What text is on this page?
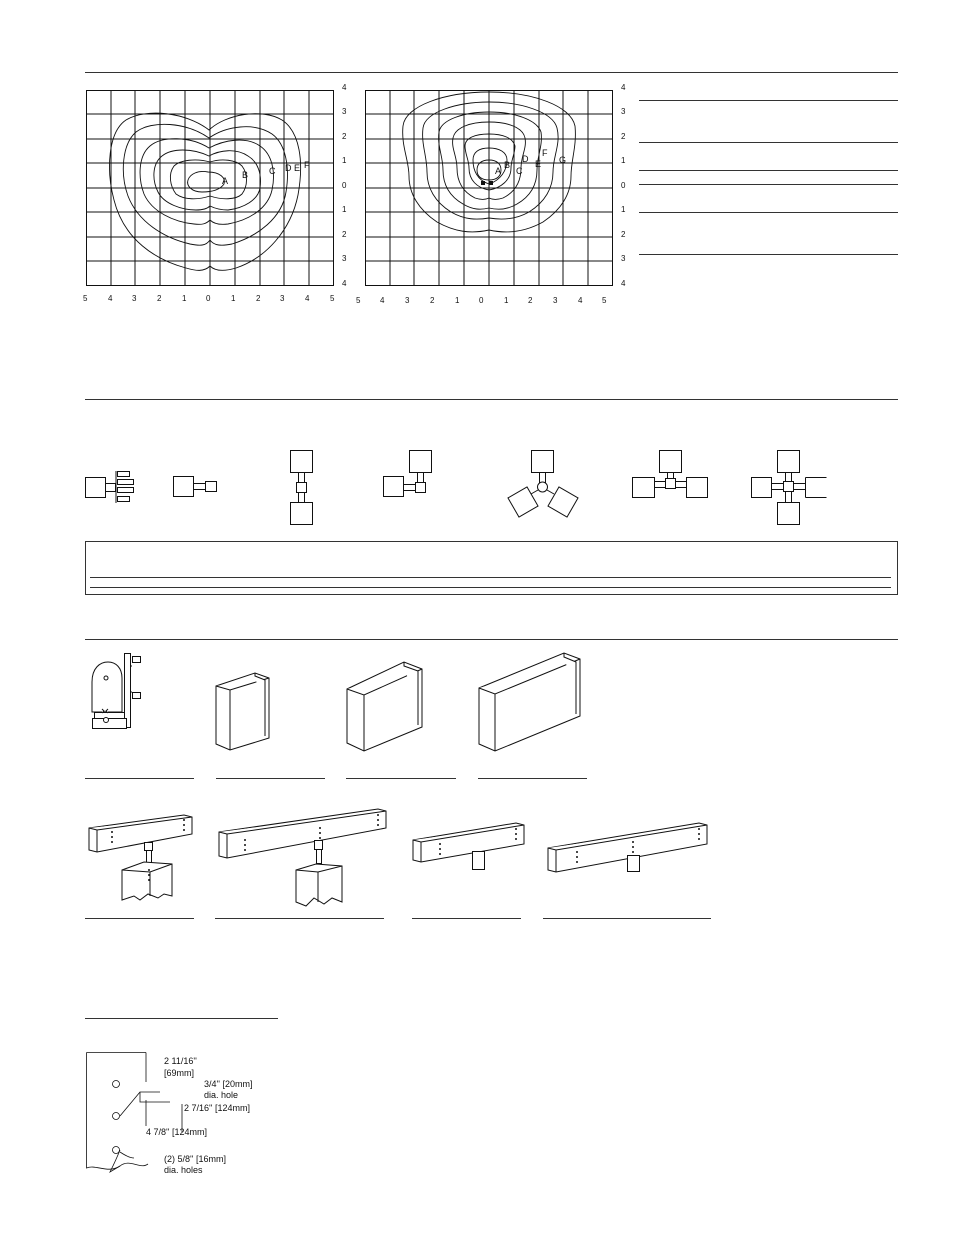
A
B C D E F
5	4 3	2	1 0	1	2 3	4	5
4
3
2
1
0
1
2
3
4
A
B
C
D E
F
G
5 4	3	2	1 0	1 2	3	4 5
4
3
2
1
0
1
2
3
4
2 11/16''
[69mm]
3/4'' [20mm]
dia. hole
2 7/16'' [124mm]
4 7/8'' [124mm]
(2) 5/8'' [16mm]
dia. holes
